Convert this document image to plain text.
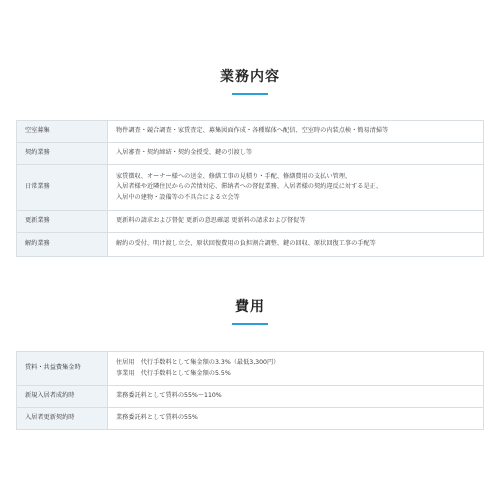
業務内容
空室募集	物件調査・競合調査・家賃査定、募集図面作成・各種媒体へ配信、空室時の内装点検・簡易清掃等

契約業務	入居審査・契約締結・契約金授受、鍵の引渡し等

日常業務	家賃徴収、オーナー様への送金、修繕工事の見積り・手配、修繕費用の支払い管理、
入居者様や近隣住民からの苦情対応、滞納者への督促業務、入居者様の契約違反に対する是正、
入居中の建物・設備等の不具合による立会等

更新業務	更新料の請求および督促 更新の意思確認 更新料の請求および督促等

解約業務	解約の受付、明け渡し立会、原状回復費用の負担割合調整、鍵の回収、原状回復工事の手配等
費用
賃料・共益費集金時	住居用　代行手数料として集金額の3.3%（最低3,300円）
事業用　代行手数料として集金額の5.5%

新規入居者成約時	業務委託料として賃料の55%～110%

入居者更新契約時	業務委託料として賃料の55%
